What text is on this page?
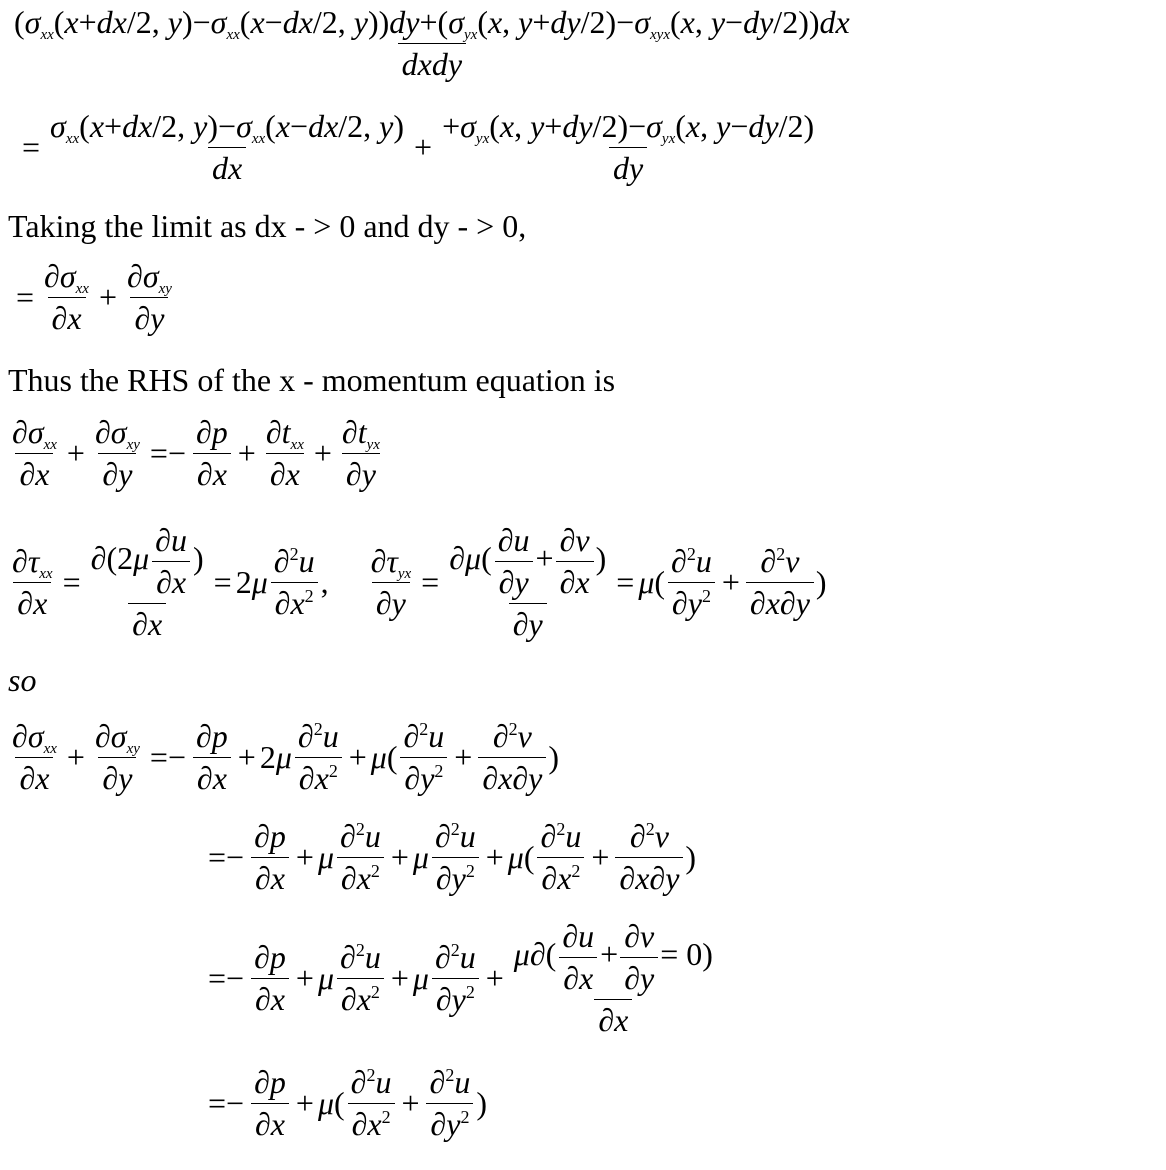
($\sigma_{xx}(x+dx/2$, $y)-\sigma_{xx}(x-dx/2$, $y))dy+(\sigma_{yx}(x$, $y+dy/2)-\sigma_{xyx}(x$, y−dy/2))dx
dxdy
= $\frac{\sigma_{xx}(x+dx/2, y)-\sigma_{xx}(x-dx/2, y)}{dx} + \frac{+\sigma_{yx}(x, y+dy/2)-\sigma_{yx}(x, y-dy/2)}{dy}$
Taking the limit as dx - > 0 and dy - > 0,
= $\frac{\partial\sigma_{xx}}{\partial x} + \frac{\partial\sigma_{xy}}{\partial y}$
Thus the RHS of the x - momentum equation is
$\frac{\partial\sigma_{xx}}{\partial x} + \frac{\partial\sigma_{xy}}{\partial y} =- \frac{\partial p}{\partial x} + \frac{\partial t_{xx}}{\partial x} + \frac{\partial t_{yx}}{\partial y}$
$\frac{\partial\tau_{xx}}{\partial x} = \frac{\partial(2\mu \frac{\partial u}{\partial x} )}{\partial x} = 2$ μ $\frac{\partial^2u}{\partial x^2}$ , $\frac{\partial\tau_{yx}}{\partial y} = \frac{\partial\mu( \frac{\partial u}{\partial y} + \frac{\partial v}{\partial x} )}{\partial y} = \mu$ ( $\frac{\partial^2u}{\partial y^2} + \frac{\partial^2v}{\partial x\partial y}$ )
so
$\frac{\partial\sigma_{xx}}{\partial x} + \frac{\partial\sigma_{xy}}{\partial y} =- \frac{\partial p}{\partial x} + 2$ μ $\frac{\partial^2u}{\partial x^2} + \mu$ ( $\frac{\partial^2u}{\partial y^2} + \frac{\partial^2v}{\partial x\partial y}$ )
=− $\frac{\partial p}{\partial x} + \mu \frac{\partial^2u}{\partial x^2} + \mu \frac{\partial^2u}{\partial y^2} + \mu$ ( $\frac{\partial^2u}{\partial x^2} + \frac{\partial^2v}{\partial x\partial y}$ )
=− $\frac{\partial p}{\partial x} + \mu \frac{\partial^2u}{\partial x^2} + \mu \frac{\partial^2u}{\partial y^2} + \frac{\mu\partial( \frac{\partial u}{\partial x} + \frac{\partial v}{\partial y} = 0)}{\partial x}$
=− $\frac{\partial p}{\partial x} + \mu$ ( $\frac{\partial^2u}{\partial x^2} + \frac{\partial^2u}{\partial y^2}$ )
